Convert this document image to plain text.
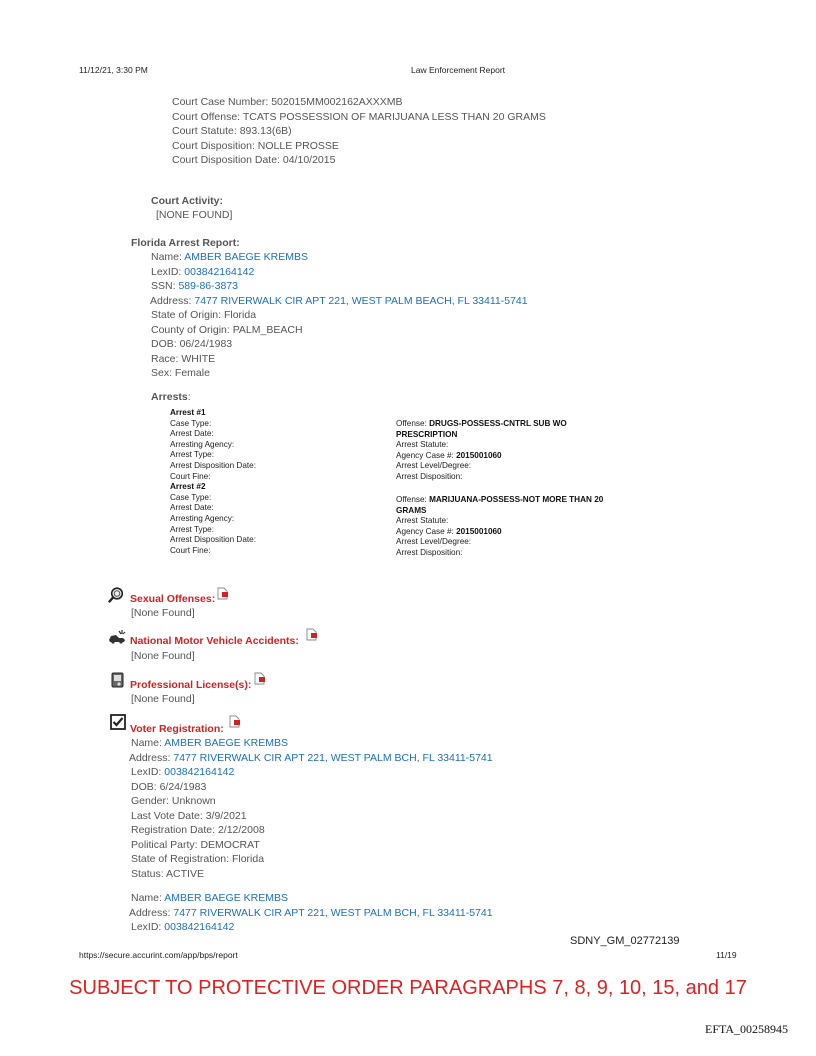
11/12/21, 3:30 PM	Law Enforcement Report
Court Case Number: 502015MM002162AXXXMB
Court Offense: TCATS POSSESSION OF MARIJUANA LESS THAN 20 GRAMS
Court Statute: 893.13(6B)
Court Disposition: NOLLE PROSSE
Court Disposition Date: 04/10/2015
Court Activity:
[NONE FOUND]
Florida Arrest Report:
Name: AMBER BAEGE KREMBS
LexID: 003842164142
SSN: 589-86-3873
Address: 7477 RIVERWALK CIR APT 221, WEST PALM BEACH, FL 33411-5741
State of Origin: Florida
County of Origin: PALM_BEACH
DOB: 06/24/1983
Race: WHITE
Sex: Female
Arrests:
Arrest #1
Case Type:
Arrest Date:
Arresting Agency:
Arrest Type:
Arrest Disposition Date:
Court Fine:
Arrest #2
Case Type:
Arrest Date:
Arresting Agency:
Arrest Type:
Arrest Disposition Date:
Court Fine:
Offense: DRUGS-POSSESS-CNTRL SUB WO
PRESCRIPTION
Arrest Statute:
Agency Case #: 2015001060
Arrest Level/Degree:
Arrest Disposition:
Offense: MARIJUANA-POSSESS-NOT MORE THAN 20
GRAMS
Arrest Statute:
Agency Case #: 2015001060
Arrest Level/Degree:
Arrest Disposition:
Sexual Offenses:
[None Found]
National Motor Vehicle Accidents:
[None Found]
Professional License(s):
[None Found]
Voter Registration:
Name: AMBER BAEGE KREMBS
Address: 7477 RIVERWALK CIR APT 221, WEST PALM BCH, FL 33411-5741
LexID: 003842164142
DOB: 6/24/1983
Gender: Unknown
Last Vote Date: 3/9/2021
Registration Date: 2/12/2008
Political Party: DEMOCRAT
State of Registration: Florida
Status: ACTIVE
Name: AMBER BAEGE KREMBS
Address: 7477 RIVERWALK CIR APT 221, WEST PALM BCH, FL 33411-5741
LexID: 003842164142
SDNY_GM_02772139
https://secure.accurint.com/app/bps/report	11/19
SUBJECT TO PROTECTIVE ORDER PARAGRAPHS 7, 8, 9, 10, 15, and 17
EFTA_00258945
